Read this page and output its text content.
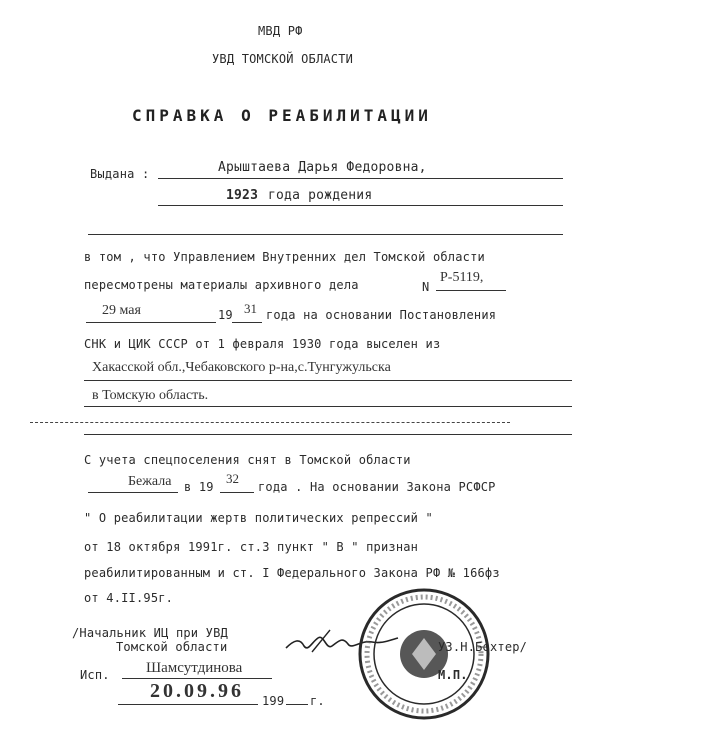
МВД РФ
УВД ТОМСКОЙ ОБЛАСТИ
СПРАВКА О РЕАБИЛИТАЦИИ
Выдана :	Арыштаева Дарья Федоровна,
1923 года рождения
в том , что Управлением Внутренних дел Томской области
пересмотрены материалы архивного дела	N
Р-5119,
29 мая	19 31 года на основании Постановления
СНК и ЦИК СССР от 1 февраля 1930 года выселен из
Хакасской обл.,Чебаковского р-на,с.Тунгужульска
в Томскую область.
С учета спецпоселения снят в Томской области
Бежала в 19
32
года . На основании Закона РСФСР
" О реабилитации жертв политических репрессий "
от 18 октября 1991г. ст.3 пункт " В " признан
реабилитированным и ст. I Федерального Закона РФ № 166фз
от 4.II.95г.
/Начальник ИЦ при УВД
Томской области	УЗ.Н.Бехтер/
М.П.
Исп. Шамсутдинова
20.09.96 199 г.
